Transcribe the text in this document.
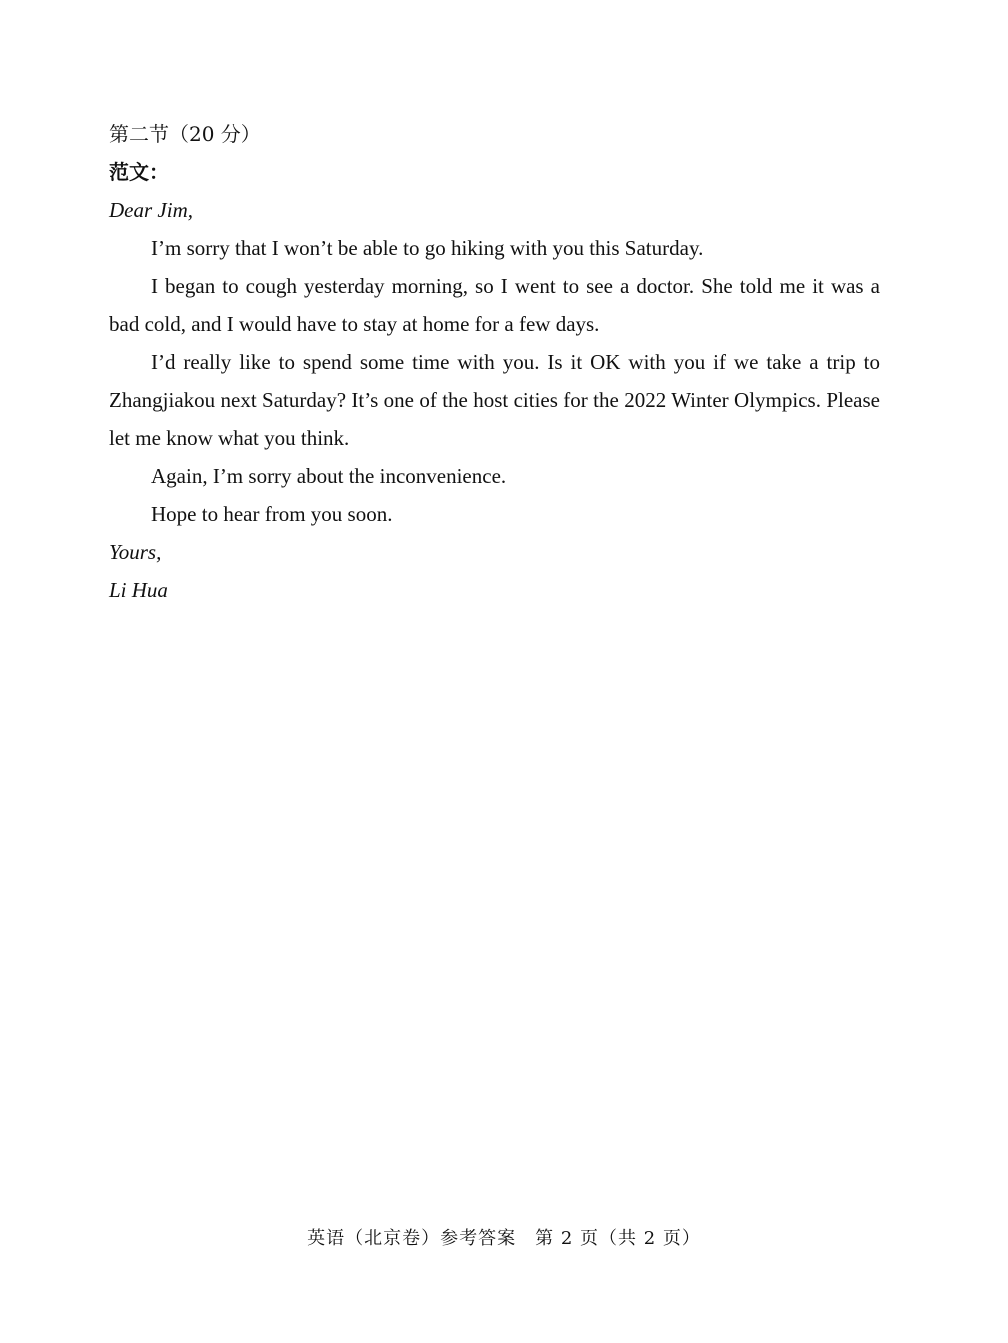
第二节（20 分）

范文：

Dear Jim,

I’m sorry that I won’t be able to go hiking with you this Saturday.

I began to cough yesterday morning, so I went to see a doctor. She told me it was a bad cold, and I would have to stay at home for a few days.

I’d really like to spend some time with you. Is it OK with you if we take a trip to Zhangjiakou next Saturday? It’s one of the host cities for the 2022 Winter Olympics. Please let me know what you think.

Again, I’m sorry about the inconvenience.

Hope to hear from you soon.

Yours,

Li Hua

英语（北京卷）参考答案　第 2 页（共 2 页）
